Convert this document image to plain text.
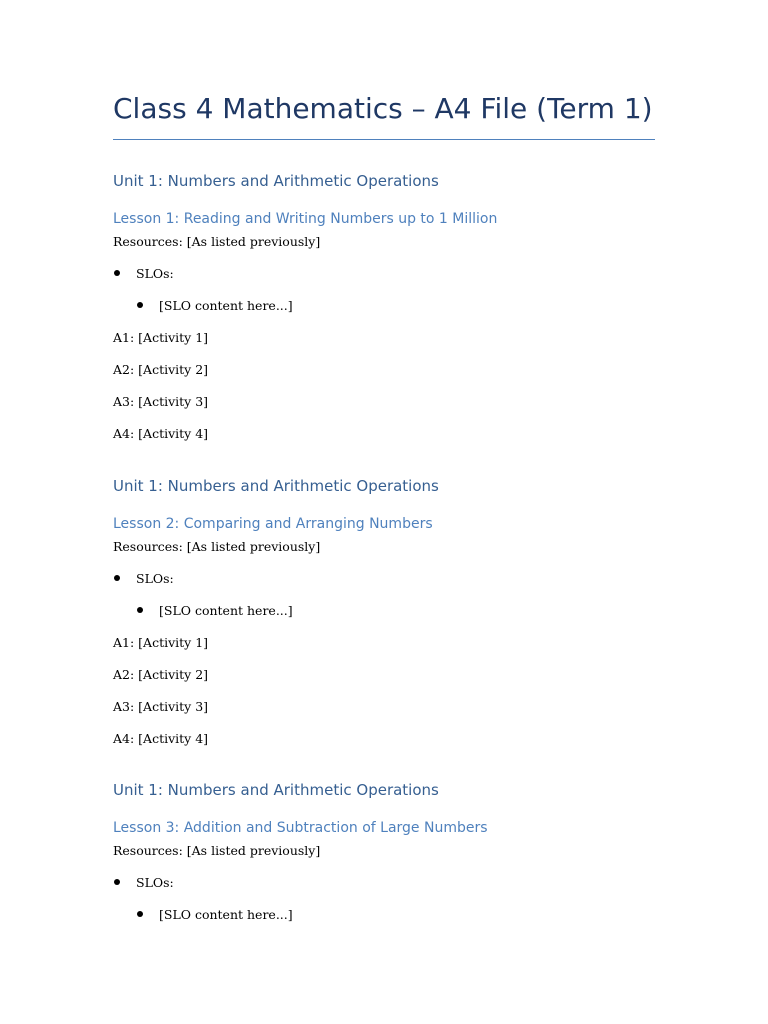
Class 4 Mathematics – A4 File (Term 1)
Unit 1: Numbers and Arithmetic Operations
Lesson 1: Reading and Writing Numbers up to 1 Million
Resources: [As listed previously]
SLOs:
[SLO content here...]
A1: [Activity 1]
A2: [Activity 2]
A3: [Activity 3]
A4: [Activity 4]
Unit 1: Numbers and Arithmetic Operations
Lesson 2: Comparing and Arranging Numbers
Resources: [As listed previously]
SLOs:
[SLO content here...]
A1: [Activity 1]
A2: [Activity 2]
A3: [Activity 3]
A4: [Activity 4]
Unit 1: Numbers and Arithmetic Operations
Lesson 3: Addition and Subtraction of Large Numbers
Resources: [As listed previously]
SLOs:
[SLO content here...]
